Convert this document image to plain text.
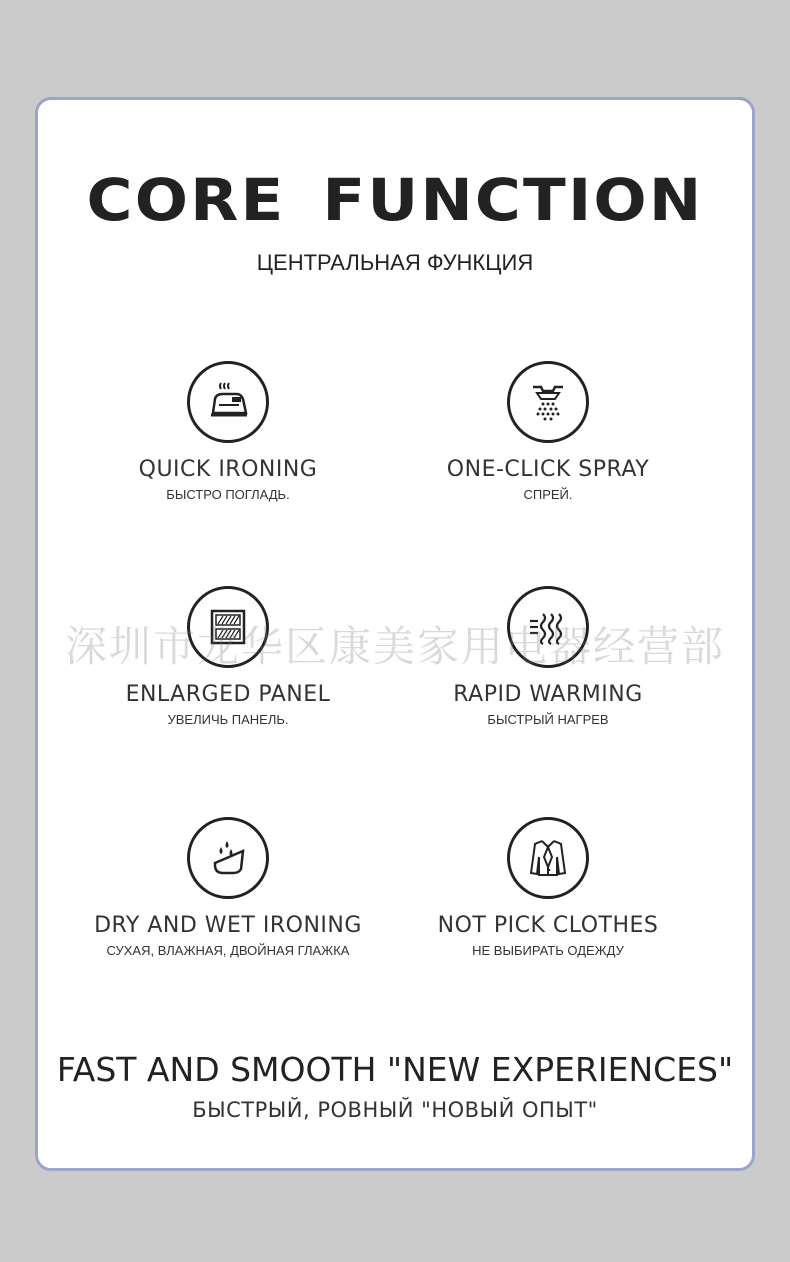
CORE FUNCTION
ЦЕНТРАЛЬНАЯ ФУНКЦИЯ
QUICK IRONING
БЫСТРО ПОГЛАДЬ.
ONE-CLICK SPRAY
СПРЕЙ.
ENLARGED PANEL
УВЕЛИЧЬ ПАНЕЛЬ.
RAPID WARMING
БЫСТРЫЙ НАГРЕВ
DRY AND WET IRONING
СУХАЯ, ВЛАЖНАЯ, ДВОЙНАЯ ГЛАЖКА
NOT PICK CLOTHES
НЕ ВЫБИРАТЬ ОДЕЖДУ
深圳市龙华区康美家用电器经营部
FAST AND SMOOTH "NEW EXPERIENCES"
БЫСТРЫЙ, РОВНЫЙ "НОВЫЙ ОПЫТ"
